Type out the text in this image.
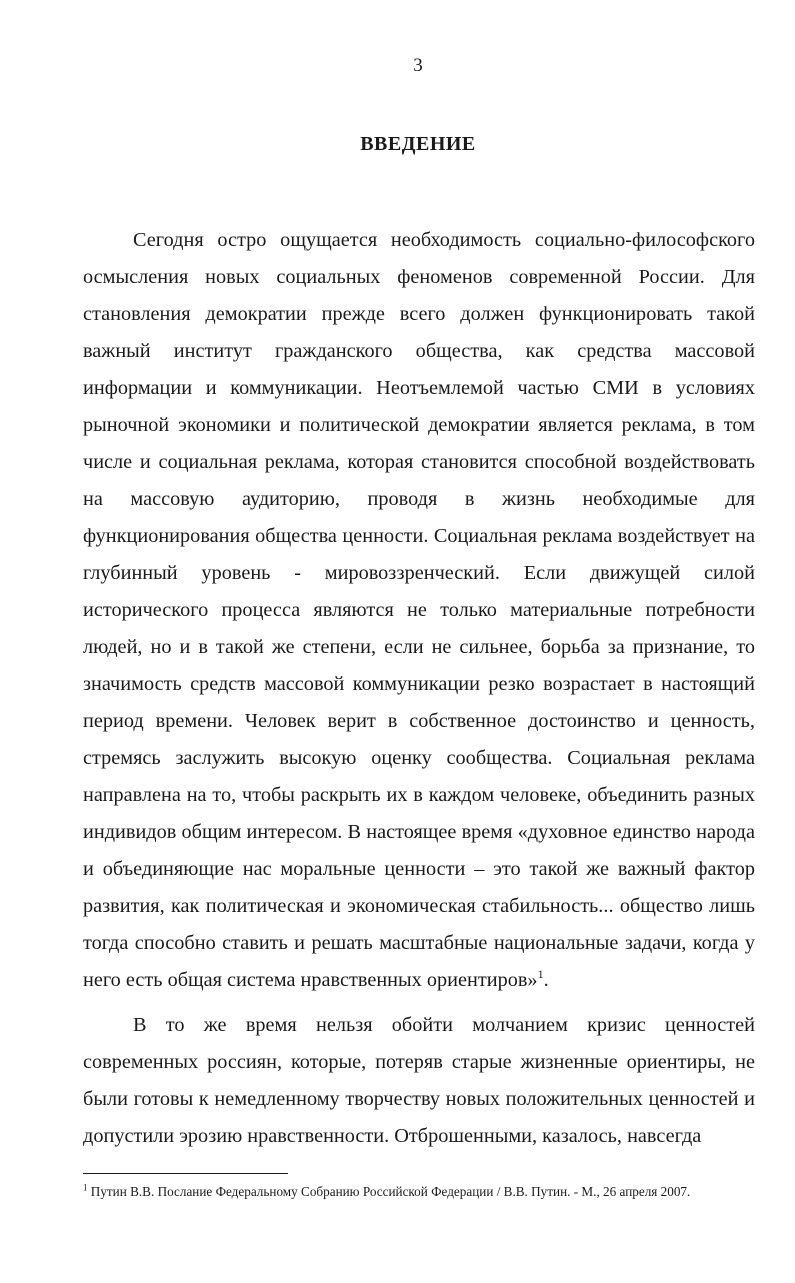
3
ВВЕДЕНИЕ

Сегодня остро ощущается необходимость социально-философского осмысления новых социальных феноменов современной России. Для становления демократии прежде всего должен функционировать такой важный институт гражданского общества, как средства массовой информации и коммуникации. Неотъемлемой частью СМИ в условиях рыночной экономики и политической демократии является реклама, в том числе и социальная реклама, которая становится способной воздействовать на массовую аудиторию, проводя в жизнь необходимые для функционирования общества ценности. Социальная реклама воздействует на глубинный уровень - мировоззренческий. Если движущей силой исторического процесса являются не только материальные потребности людей, но и в такой же степени, если не сильнее, борьба за признание, то значимость средств массовой коммуникации резко возрастает в настоящий период времени. Человек верит в собственное достоинство и ценность, стремясь заслужить высокую оценку сообщества. Социальная реклама направлена на то, чтобы раскрыть их в каждом человеке, объединить разных индивидов общим интересом. В настоящее время «духовное единство народа и объединяющие нас моральные ценности – это такой же важный фактор развития, как политическая и экономическая стабильность... общество лишь тогда способно ставить и решать масштабные национальные задачи, когда у него есть общая система нравственных ориентиров»$^1$.

В то же время нельзя обойти молчанием кризис ценностей современных россиян, которые, потеряв старые жизненные ориентиры, не были готовы к немедленному творчеству новых положительных ценностей и допустили эрозию нравственности. Отброшенными, казалось, навсегда

$^1$ Путин В.В. Послание Федеральному Собранию Российской Федерации / В.В. Путин. - М., 26 апреля 2007.
